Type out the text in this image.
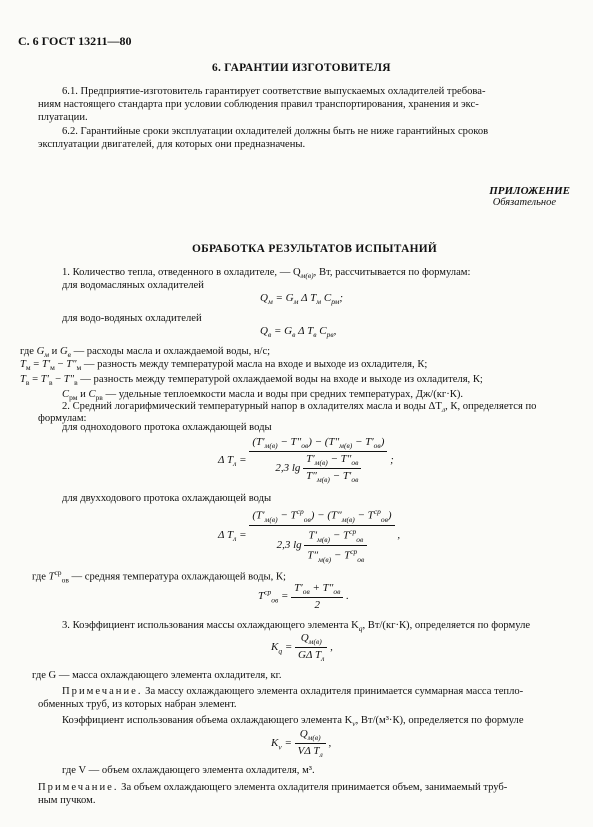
С. 6 ГОСТ 13211—80
6. ГАРАНТИИ ИЗГОТОВИТЕЛЯ
6.1. Предприятие-изготовитель гарантирует соответствие выпускаемых охладителей требова-
ниям настоящего стандарта при условии соблюдения правил транспортирования, хранения и экс-
плуатации.
6.2. Гарантийные сроки эксплуатации охладителей должны быть не ниже гарантийных сроков
эксплуатации двигателей, для которых они предназначены.
ПРИЛОЖЕНИЕ
Обязательное
ОБРАБОТКА РЕЗУЛЬТАТОВ ИСПЫТАНИЙ
1. Количество тепла, отведенного в охладителе, — $Q_{м(в)}$, Вт, рассчитывается по формулам:
для водомасляных охладителей
$Q_м = G_м$ Δ $T_м$ $C_{рм}$;
для водо-водяных охладителей
$Q_в = G_в$ Δ $T_в$ $C_{рв}$,
где $G_м$ и $G_в$ — расходы масла и охлаждаемой воды, н/с;
$T_м = T'_м - T''_м$ — разность между температурой масла на входе и выходе из охладителя, К;
$T_в = T'_в - T''_в$ — разность между температурой охлаждаемой воды на входе и выходе из охладителя, К;
$C_{рм}$ и $C_{рв}$ — удельные теплоемкости масла и воды при средних температурах, Дж/(кг·К).
2. Средний логарифмический температурный напор в охладителях масла и воды $\Delta T_л$, К, определяется по
формулам:
для одноходового протока охлаждающей воды
Δ $T_л = \frac{(T'_{м(в)} - T''_{ов}) - (T''_{м(в)} - T'_{ов})}{2,3 \lg \frac{T'_{м(в)} - T''_{ов}}{T''_{м(в)} - T'_{ов}}}$ ;
для двухходового протока охлаждающей воды
Δ $T_л = \frac{(T'_{м(в)} - T^{ср}_{ов}) - (T''_{м(в)} - T^{ср}_{ов})}{2,3 \lg \frac{T'_{м(в)} - T^{ср}_{ов}}{T''_{м(в)} - T^{ср}_{ов}}}$ ,
где $T^{ср}_{ов}$ — средняя температура охлаждающей воды, К;
$T^{ср}_{ов} = \frac{T'_{ов} + T''_{ов}}{2}$ .
3. Коэффициент использования массы охлаждающего элемента $K_q$, Вт/(кг·К), определяется по формуле
$K_q = \frac{Q_{м(в)}}{G\Delta T_л}$ ,
где G — масса охлаждающего элемента охладителя, кг.
Примечание. За массу охлаждающего элемента охладителя принимается суммарная масса тепло-
обменных труб, из которых набран элемент.
Коэффициент использования объема охлаждающего элемента $K_v$, Вт/(м³·К), определяется по формуле
$K_v = \frac{Q_{м(в)}}{V\Delta T_л}$ ,
где V — объем охлаждающего элемента охладителя, м³.
Примечание. За объем охлаждающего элемента охладителя принимается объем, занимаемый труб-
ным пучком.
